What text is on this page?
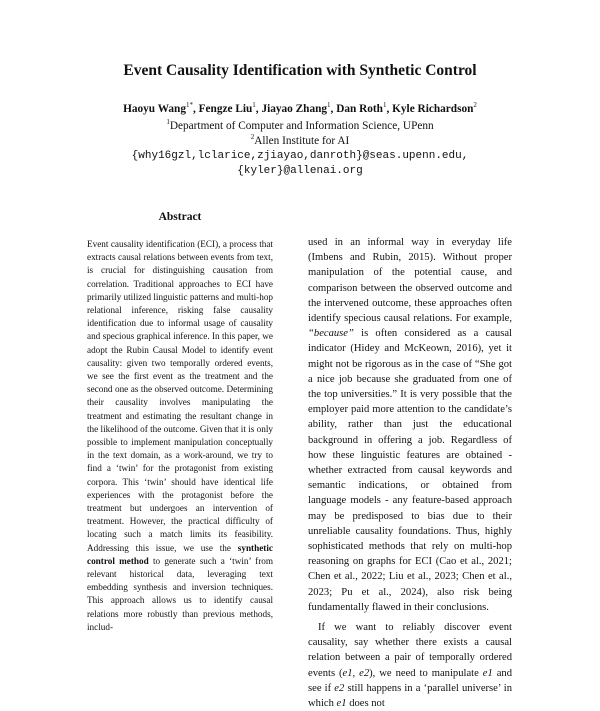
Event Causality Identification with Synthetic Control
Haoyu Wang$^{1*}$, Fengze Liu$^1$, Jiayao Zhang$^1$, Dan Roth$^1$, Kyle Richardson$^2$
$^1$Department of Computer and Information Science, UPenn
$^2$Allen Institute for AI
{why16gzl,lclarice,zjiayao,danroth}@seas.upenn.edu,
{kyler}@allenai.org
Abstract

Event causality identification (ECI), a process that extracts causal relations between events from text, is crucial for distinguishing causation from correlation. Traditional approaches to ECI have primarily utilized linguistic patterns and multi-hop relational inference, risking false causality identification due to informal usage of causality and specious graphical inference. In this paper, we adopt the Rubin Causal Model to identify event causality: given two temporally ordered events, we see the first event as the treatment and the second one as the observed outcome. Determining their causality involves manipulating the treatment and estimating the resultant change in the likelihood of the outcome. Given that it is only possible to implement manipulation conceptually in the text domain, as a work-around, we try to find a ‘twin’ for the protagonist from existing corpora. This ‘twin’ should have identical life experiences with the protagonist before the treatment but undergoes an intervention of treatment. However, the practical difficulty of locating such a match limits its feasibility. Addressing this issue, we use the synthetic control method to generate such a ‘twin’ from relevant historical data, leveraging text embedding synthesis and inversion techniques. This approach allows us to identify causal relations more robustly than previous methods, includ-

used in an informal way in everyday life (Imbens and Rubin, 2015). Without proper manipulation of the potential cause, and comparison between the observed outcome and the intervened outcome, these approaches often identify specious causal relations. For example, “because” is often considered as a causal indicator (Hidey and McKeown, 2016), yet it might not be rigorous as in the case of “She got a nice job because she graduated from one of the top universities.” It is very possible that the employer paid more attention to the candidate’s ability, rather than just the educational background in offering a job. Regardless of how these linguistic features are obtained - whether extracted from causal keywords and semantic indications, or obtained from language models - any feature-based approach may be predisposed to bias due to their unreliable causality foundations. Thus, highly sophisticated methods that rely on multi-hop reasoning on graphs for ECI (Cao et al., 2021; Chen et al., 2022; Liu et al., 2023; Chen et al., 2023; Pu et al., 2024), also risk being fundamentally flawed in their conclusions.

If we want to reliably discover event causality, say whether there exists a causal relation between a pair of temporally ordered events (e1, e2), we need to manipulate e1 and see if e2 still happens in a ‘parallel universe’ in which e1 does not
